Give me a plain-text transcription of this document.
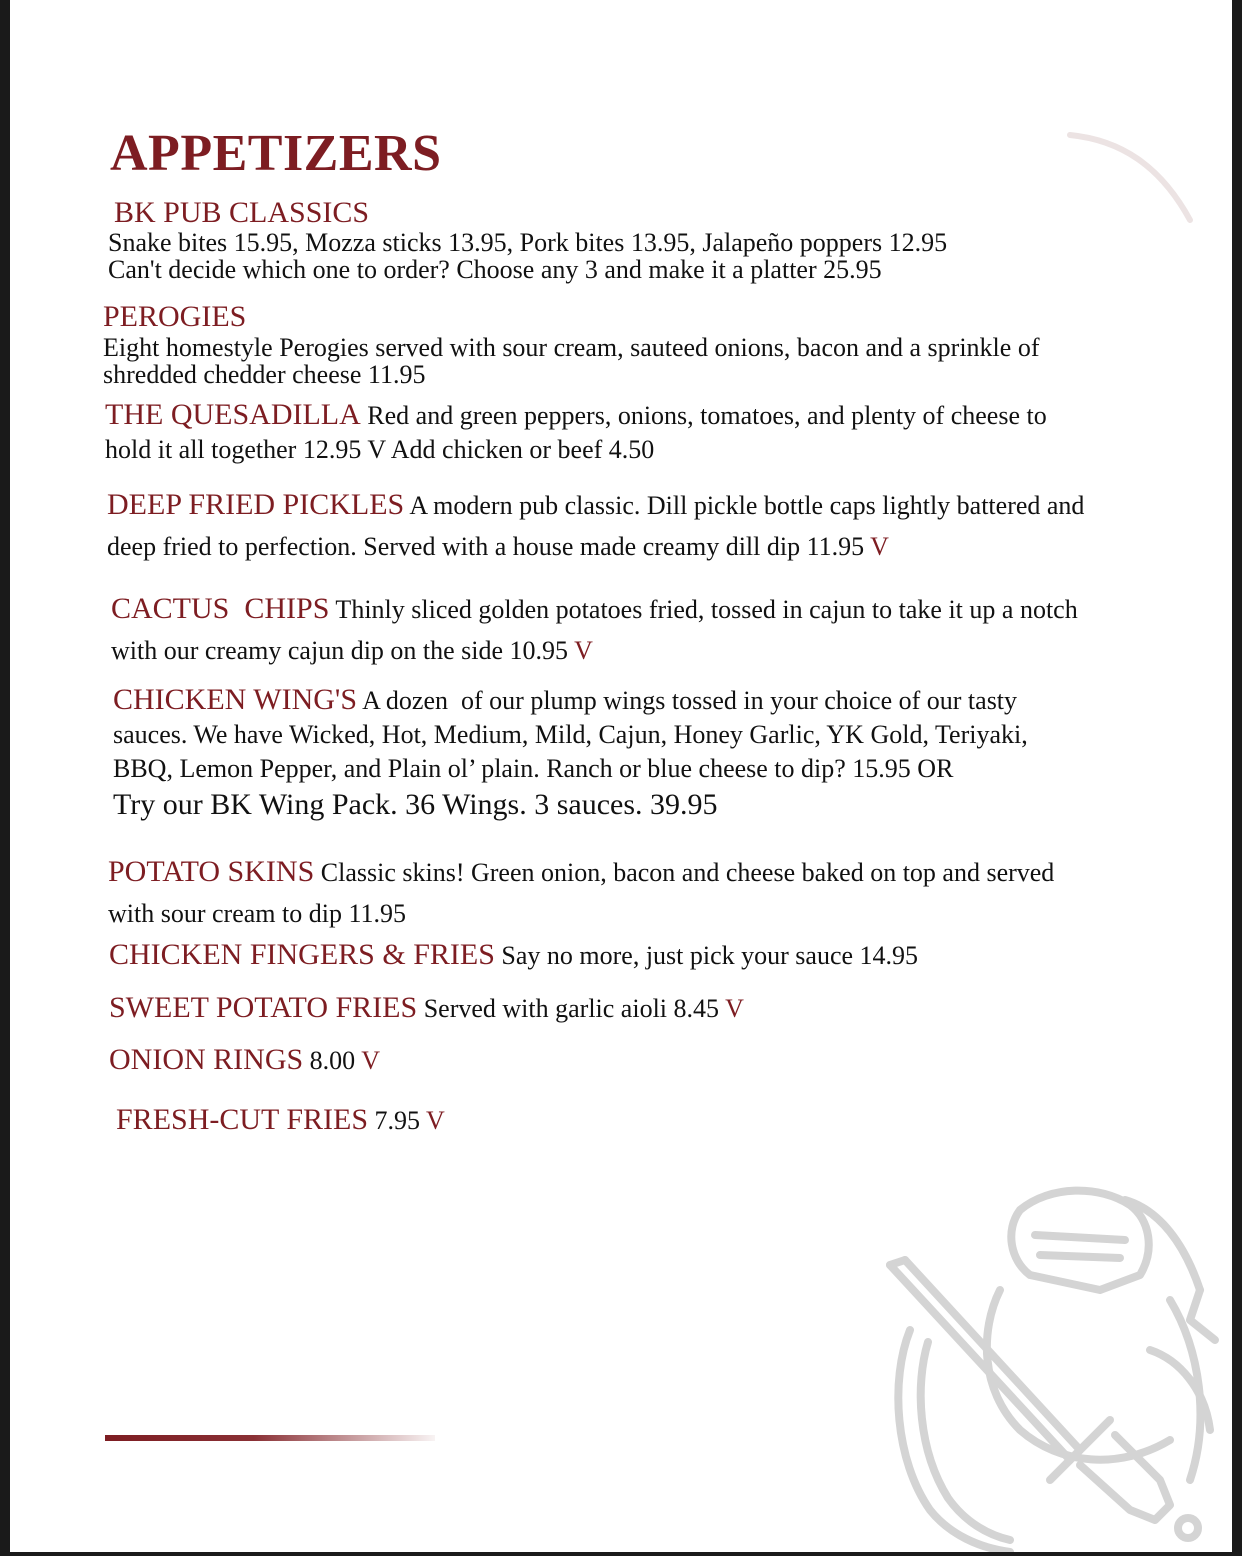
APPETIZERS
BK PUB CLASSICS
Snake bites 15.95, Mozza sticks 13.95, Pork bites 13.95, Jalapeño poppers 12.95
Can't decide which one to order? Choose any 3 and make it a platter 25.95
PEROGIES
Eight homestyle Perogies served with sour cream, sauteed onions, bacon and a sprinkle of
shredded chedder cheese 11.95
THE QUESADILLA Red and green peppers, onions, tomatoes, and plenty of cheese to
hold it all together 12.95 V Add chicken or beef 4.50
DEEP FRIED PICKLES A modern pub classic. Dill pickle bottle caps lightly battered and
deep fried to perfection. Served with a house made creamy dill dip 11.95 V
CACTUS  CHIPS Thinly sliced golden potatoes fried, tossed in cajun to take it up a notch
with our creamy cajun dip on the side 10.95 V
CHICKEN WING'S A dozen  of our plump wings tossed in your choice of our tasty
sauces. We have Wicked, Hot, Medium, Mild, Cajun, Honey Garlic, YK Gold, Teriyaki,
BBQ, Lemon Pepper, and Plain ol’ plain. Ranch or blue cheese to dip? 15.95 OR
Try our BK Wing Pack. 36 Wings. 3 sauces. 39.95
POTATO SKINS Classic skins! Green onion, bacon and cheese baked on top and served
with sour cream to dip 11.95
CHICKEN FINGERS & FRIES Say no more, just pick your sauce 14.95
SWEET POTATO FRIES Served with garlic aioli 8.45 V
ONION RINGS 8.00 V
FRESH-CUT FRIES 7.95 V
